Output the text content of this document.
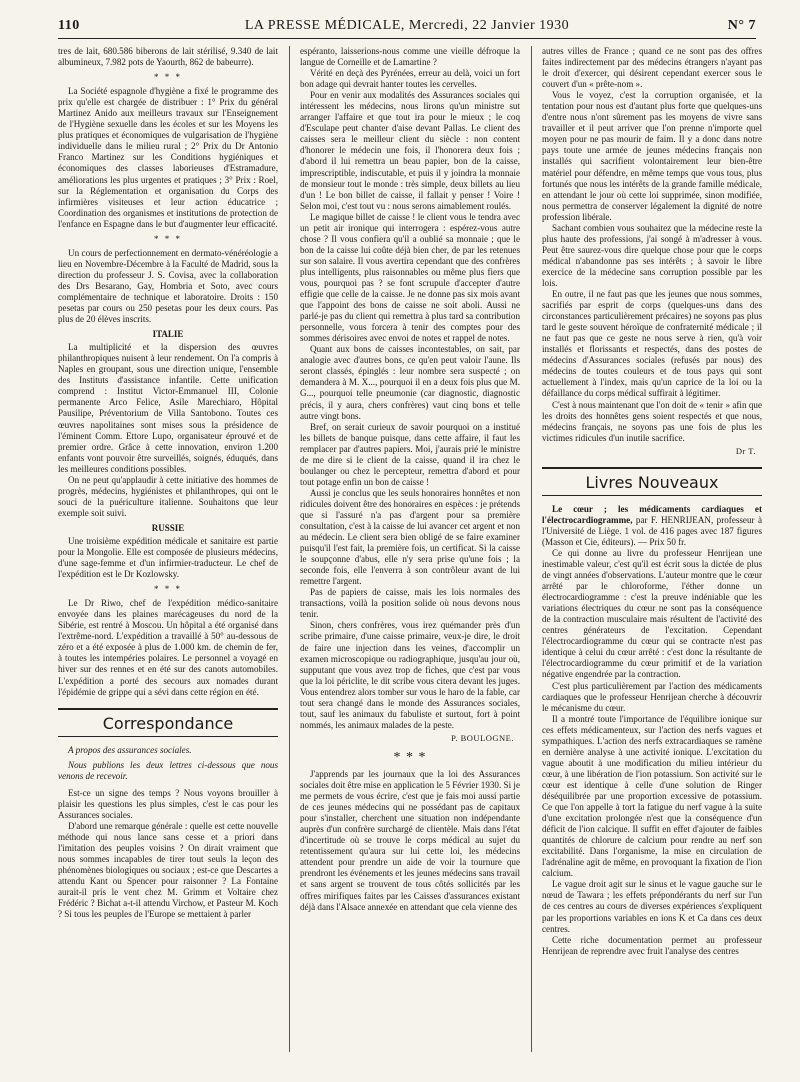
110	LA PRESSE MÉDICALE, Mercredi, 22 Janvier 1930	N° 7

tres de lait, 680.586 biberons de lait stérilisé, 9.340 de lait albumineux, 7.982 pots de Yaourth, 862 de babeurre).

* * *

La Société espagnole d'hygiène a fixé le programme des prix qu'elle est chargée de distribuer : 1° Prix du général Martinez Anido aux meilleurs travaux sur l'Enseignement de l'Hygiène sexuelle dans les écoles et sur les Moyens les plus pratiques et économiques de vulgarisation de l'hygiène individuelle dans le milieu rural ; 2° Prix du Dr Antonio Franco Martinez sur les Conditions hygiéniques et économiques des classes laborieuses d'Estramadure, améliorations les plus urgentes et pratiques ; 3° Prix : Roel, sur la Réglementation et organisation du Corps des infirmières visiteuses et leur action éducatrice ; Coordination des organismes et institutions de protection de l'enfance en Espagne dans le but d'augmenter leur efficacité.

* * *

Un cours de perfectionnement en dermato-vénéréologie a lieu en Novembre-Décembre à la Faculté de Madrid, sous la direction du professeur J. S. Covisa, avec la collaboration des Drs Besarano, Gay, Hombria et Soto, avec cours complémentaire de technique et laboratoire. Droits : 150 pesetas par cours ou 250 pesetas pour les deux cours. Pas plus de 20 élèves inscrits.

ITALIE

La multiplicité et la dispersion des œuvres philanthropiques nuisent à leur rendement. On l'a compris à Naples en groupant, sous une direction unique, l'ensemble des Instituts d'assistance infantile. Cette unification comprend : Institut Victor-Emmanuel III, Colonie permanente Arco Felice, Asile Marechiaro, Hôpital Pausilipe, Préventorium de Villa Santobono. Toutes ces œuvres napolitaines sont mises sous la présidence de l'éminent Comm. Ettore Lupo, organisateur éprouvé et de premier ordre. Grâce à cette innovation, environ 1.200 enfants vont pouvoir être surveillés, soignés, éduqués, dans les meilleures conditions possibles.

On ne peut qu'applaudir à cette initiative des hommes de progrès, médecins, hygiénistes et philanthropes, qui ont le souci de la puériculture italienne. Souhaitons que leur exemple soit suivi.

RUSSIE

Une troisième expédition médicale et sanitaire est partie pour la Mongolie. Elle est composée de plusieurs médecins, d'une sage-femme et d'un infirmier-traducteur. Le chef de l'expédition est le Dr Kozlowsky.

* * *

Le Dr Riwo, chef de l'expédition médico-sanitaire envoyée dans les plaines marécageuses du nord de la Sibérie, est rentré à Moscou. Un hôpital a été organisé dans l'extrême-nord. L'expédition a travaillé à 50° au-dessous de zéro et a été exposée à plus de 1.000 km. de chemin de fer, à toutes les intempéries polaires. Le personnel a voyagé en hiver sur des rennes et en été sur des canots automobiles. L'expédition a porté des secours aux nomades durant l'épidémie de grippe qui a sévi dans cette région en été.

Correspondance
A propos des assurances sociales.

Nous publions les deux lettres ci-dessous que nous venons de recevoir.

Est-ce un signe des temps ? Nous voyons brouiller à plaisir les questions les plus simples, c'est le cas pour les Assurances sociales.

D'abord une remarque générale : quelle est cette nouvelle méthode qui nous lance sans cesse et a priori dans l'imitation des peuples voisins ? On dirait vraiment que nous sommes incapables de tirer tout seuls la leçon des phénomènes biologiques ou sociaux ; est-ce que Descartes a attendu Kant ou Spencer pour raisonner ? La Fontaine aurait-il pris le vent chez M. Grimm et Voltaire chez Frédéric ? Bichat a-t-il attendu Virchow, et Pasteur M. Koch ? Si tous les peuples de l'Europe se mettaient à parler

espéranto, laisserions-nous comme une vieille défroque la langue de Corneille et de Lamartine ?

Vérité en deçà des Pyrénées, erreur au delà, voici un fort bon adage qui devrait hanter toutes les cervelles.

Pour en venir aux modalités des Assurances sociales qui intéressent les médecins, nous lirons qu'un ministre sut arranger l'affaire et que tout ira pour le mieux ; le coq d'Esculape peut chanter d'aise devant Pallas. Le client des caisses sera le meilleur client du siècle : non content d'honorer le médecin une fois, il l'honorera deux fois ; d'abord il lui remettra un beau papier, bon de la caisse, imprescriptible, indiscutable, et puis il y joindra la monnaie de monsieur tout le monde : très simple, deux billets au lieu d'un ! Le bon billet de caisse, il fallait y penser ! Voire ! Selon moi, c'est tout vu : nous serons aimablement roulés.

Le magique billet de caisse ! le client vous le tendra avec un petit air ironique qui interrogera : espérez-vous autre chose ? Il vous confiera qu'il a oublié sa monnaie ; que le bon de la caisse lui coûte déjà bien cher, de par les retenues sur son salaire. Il vous avertira cependant que des confrères plus intelligents, plus raisonnables ou même plus fiers que vous, pourquoi pas ? se font scrupule d'accepter d'autre effigie que celle de la caisse. Je ne donne pas six mois avant que l'appoint des bons de caisse ne soit aboli. Aussi ne parlé-je pas du client qui remettra à plus tard sa contribution personnelle, vous forcera à tenir des comptes pour des sommes dérisoires avec envoi de notes et rappel de notes.

Quant aux bons de caisses incontestables, on sait, par analogie avec d'autres bons, ce qu'en peut valoir l'aune. Ils seront classés, épinglés : leur nombre sera suspecté ; on demandera à M. X..., pourquoi il en a deux fois plus que M. G..., pourquoi telle pneumonie (car diagnostic, diagnostic précis, il y aura, chers confrères) vaut cinq bons et telle autre vingt bons.

Bref, on serait curieux de savoir pourquoi on a institué les billets de banque puisque, dans cette affaire, il faut les remplacer par d'autres papiers. Moi, j'aurais prié le ministre de me dire si le client de la caisse, quand il ira chez le boulanger ou chez le percepteur, remettra d'abord et pour tout potage enfin un bon de caisse !

Aussi je conclus que les seuls honoraires honnêtes et non ridicules doivent être des honoraires en espèces : je prétends que si l'assuré n'a pas d'argent pour sa première consultation, c'est à la caisse de lui avancer cet argent et non au médecin. Le client sera bien obligé de se faire examiner puisqu'il l'est fait, la première fois, un certificat. Si la caisse le soupçonne d'abus, elle n'y sera prise qu'une fois ; la seconde fois, elle l'enverra à son contrôleur avant de lui remettre l'argent.

Pas de papiers de caisse, mais les lois normales des transactions, voilà la position solide où nous devons nous tenir.

Sinon, chers confrères, vous irez quémander près d'un scribe primaire, d'une caisse primaire, veux-je dire, le droit de faire une injection dans les veines, d'accomplir un examen microscopique ou radiographique, jusqu'au jour où, supputant que vous avez trop de fiches, que c'est par vous que la loi périclite, le dit scribe vous citera devant les juges. Vous entendrez alors tomber sur vous le haro de la fable, car tout sera changé dans le monde des Assurances sociales, tout, sauf les animaux du fabuliste et surtout, fort à point nommés, les animaux malades de la peste.

P. BOULOGNE.
* * *

J'apprends par les journaux que la loi des Assurances sociales doit être mise en application le 5 Février 1930. Si je me permets de vous écrire, c'est que je fais moi aussi partie de ces jeunes médecins qui ne possédant pas de capitaux pour s'installer, cherchent une situation non indépendante auprès d'un confrère surchargé de clientèle. Mais dans l'état d'incertitude où se trouve le corps médical au sujet du retentissement qu'aura sur lui cette loi, les médecins attendent pour prendre un aide de voir la tournure que prendront les événements et les jeunes médecins sans travail et sans argent se trouvent de tous côtés sollicités par les offres mirifiques faites par les Caisses d'assurances existant déjà dans l'Alsace annexée en attendant que cela vienne des

autres villes de France ; quand ce ne sont pas des offres faites indirectement par des médecins étrangers n'ayant pas le droit d'exercer, qui désirent cependant exercer sous le couvert d'un « prête-nom ».

Vous le voyez, c'est la corruption organisée, et la tentation pour nous est d'autant plus forte que quelques-uns d'entre nous n'ont sûrement pas les moyens de vivre sans travailler et il peut arriver que l'on prenne n'importe quel moyen pour ne pas mourir de faim. Il y a donc dans notre pays toute une armée de jeunes médecins français non installés qui sacrifient volontairement leur bien-être matériel pour défendre, en même temps que vous tous, plus fortunés que nous les intérêts de la grande famille médicale, en attendant le jour où cette loi supprimée, sinon modifiée, nous permettra de conserver légalement la dignité de notre profession libérale.

Sachant combien vous souhaitez que la médecine reste la plus haute des professions, j'ai songé à m'adresser à vous. Peut être saurez-vous dire quelque chose pour que le corps médical n'abandonne pas ses intérêts ; à savoir le libre exercice de la médecine sans corruption possible par les lois.

En outre, il ne faut pas que les jeunes que nous sommes, sacrifiés par esprit de corps (quelques-uns dans des circonstances particulièrement précaires) ne soyons pas plus tard le geste souvent héroïque de confraternité médicale ; il ne faut pas que ce geste ne nous serve à rien, qu'à voir installés et florissants et respectés, dans des postes de médecins d'Assurances sociales (refusés par nous) des médecins de toutes couleurs et de tous pays qui sont actuellement à l'index, mais qu'un caprice de la loi ou la défaillance du corps médical suffirait à légitimer.

C'est à nous maintenant que l'on doit de « tenir » afin que les droits des honnêtes gens soient respectés et que nous, médecins français, ne soyons pas une fois de plus les victimes ridicules d'un inutile sacrifice.

Dr T.
Livres Nouveaux

Le cœur ; les médicaments cardiaques et l'électrocardiogramme, par F. HENRIJEAN, professeur à l'Université de Liège. 1 vol. de 416 pages avec 187 figures (Masson et Cie, éditeurs). — Prix 50 fr.

Ce qui donne au livre du professeur Henrijean une inestimable valeur, c'est qu'il est écrit sous la dictée de plus de vingt années d'observations. L'auteur montre que le cœur arrêté par le chloroforme, l'éther donne un électrocardiogramme : c'est la preuve indéniable que les variations électriques du cœur ne sont pas la conséquence de la contraction musculaire mais résultent de l'activité des centres générateurs de l'excitation. Cependant l'électrocardiogramme du cœur qui se contracte n'est pas identique à celui du cœur arrêté : c'est donc la résultante de l'électrocardiogramme du cœur primitif et de la variation négative engendrée par la contraction.

C'est plus particulièrement par l'action des médicaments cardiaques que le professeur Henrijean cherche à découvrir le mécanisme du cœur.

Il a montré toute l'importance de l'équilibre ionique sur ces effets médicamenteux, sur l'action des nerfs vagues et sympathiques. L'action des nerfs extracardiaques se ramène en dernière analyse à une activité ionique. L'excitation du vague aboutit à une modification du milieu intérieur du cœur, à une libération de l'ion potassium. Son activité sur le cœur est identique à celle d'une solution de Ringer déséquilibrée par une proportion excessive de potassium. Ce que l'on appelle à tort la fatigue du nerf vague à la suite d'une excitation prolongée n'est que la conséquence d'un déficit de l'ion calcique. Il suffit en effet d'ajouter de faibles quantités de chlorure de calcium pour rendre au nerf son excitabilité. Dans l'organisme, la mise en circulation de l'adrénaline agit de même, en provoquant la fixation de l'ion calcium.

Le vague droit agit sur le sinus et le vague gauche sur le nœud de Tawara ; les effets prépondérants du nerf sur l'un de ces centres au cours de diverses expériences s'expliquent par les proportions variables en ions K et Ca dans ces deux centres.

Cette riche documentation permet au professeur Henrijean de reprendre avec fruit l'analyse des centres
